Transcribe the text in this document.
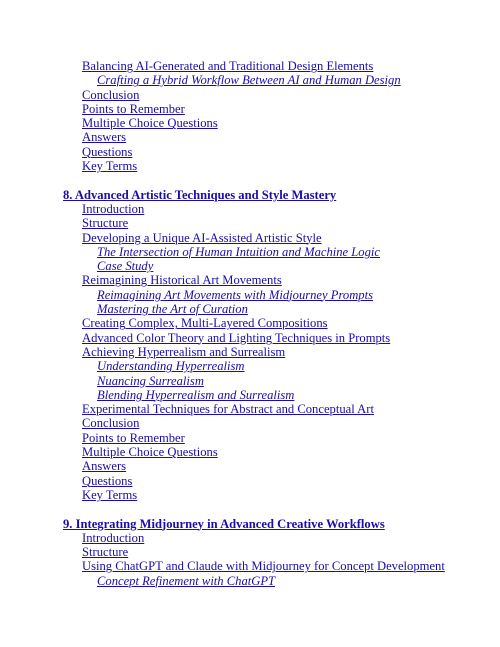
Balancing AI-Generated and Traditional Design Elements
Crafting a Hybrid Workflow Between AI and Human Design
Conclusion
Points to Remember
Multiple Choice Questions
Answers
Questions
Key Terms
8. Advanced Artistic Techniques and Style Mastery
Introduction
Structure
Developing a Unique AI-Assisted Artistic Style
The Intersection of Human Intuition and Machine Logic
Case Study
Reimagining Historical Art Movements
Reimagining Art Movements with Midjourney Prompts
Mastering the Art of Curation
Creating Complex, Multi-Layered Compositions
Advanced Color Theory and Lighting Techniques in Prompts
Achieving Hyperrealism and Surrealism
Understanding Hyperrealism
Nuancing Surrealism
Blending Hyperrealism and Surrealism
Experimental Techniques for Abstract and Conceptual Art
Conclusion
Points to Remember
Multiple Choice Questions
Answers
Questions
Key Terms
9. Integrating Midjourney in Advanced Creative Workflows
Introduction
Structure
Using ChatGPT and Claude with Midjourney for Concept Development
Concept Refinement with ChatGPT
